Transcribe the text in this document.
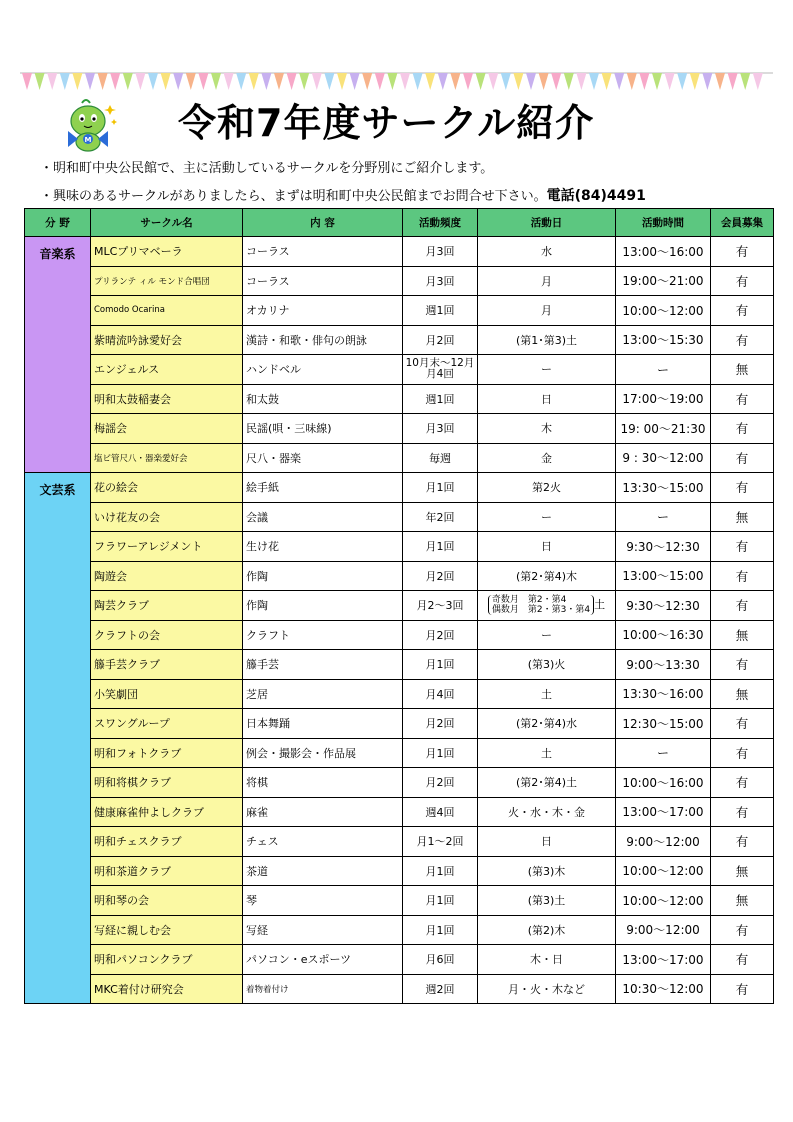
M 令和7年度サークル紹介
・明和町中央公民館で、主に活動しているサークルを分野別にご紹介します。
・興味のあるサークルがありましたら、まずは明和町中央公民館までお問合せ下さい。電話(84)4491
分 野	サークル名	内 容	活動頻度	活動日	活動時間	会員募集
音楽系	MLCプリマベーラ	コーラス	月3回	水	13:00～16:00	有
	プリランテ ィル モンド合唱団	コーラス	月3回	月	19:00～21:00	有
	Comodo Ocarina	オカリナ	週1回	月	10:00～12:00	有
	紫晴流吟詠愛好会	漢詩・和歌・俳句の朗詠	月2回	(第1･第3)土	13:00～15:30	有
	エンジェルス	ハンドベル	10月末～12月
月4回	ー	ー	無
	明和太鼓稲妻会	和太鼓	週1回	日	17:00～19:00	有
	梅謡会	民謡(唄・三味線)	月3回	木	19: 00～21:30	有
	塩ビ管尺八・器楽愛好会	尺八・器楽	毎週	金	9 : 30～12:00	有
文芸系	花の絵会	絵手紙	月1回	第2火	13:30～15:00	有
	いけ花友の会	会議	年2回	ー	ー	無
	フラワーアレジメント	生け花	月1回	日	9:30～12:30	有
	陶遊会	作陶	月2回	(第2･第4)木	13:00～15:00	有
	陶芸クラブ	作陶	月2～3回	奇数月　第2・第4
偶数月　第2・第3・第4 土	9:30～12:30	有
	クラフトの会	クラフト	月2回	ー	10:00～16:30	無
	籐手芸クラブ	籐手芸	月1回	(第3)火	9:00～13:30	有
	小笑劇団	芝居	月4回	土	13:30～16:00	無
	スワングループ	日本舞踊	月2回	(第2･第4)水	12:30～15:00	有
	明和フォトクラブ	例会・撮影会・作品展	月1回	土	ー	有
	明和将棋クラブ	将棋	月2回	(第2･第4)土	10:00～16:00	有
	健康麻雀仲よしクラブ	麻雀	週4回	火・水・木・金	13:00～17:00	有
	明和チェスクラブ	チェス	月1～2回	日	9:00～12:00	有
	明和茶道クラブ	茶道	月1回	(第3)木	10:00～12:00	無
	明和琴の会	琴	月1回	(第3)土	10:00～12:00	無
	写経に親しむ会	写経	月1回	(第2)木	9:00～12:00	有
	明和パソコンクラブ	パソコン・eスポーツ	月6回	木・日	13:00～17:00	有
	MKC着付け研究会	着物着付け	週2回	月・火・木など	10:30～12:00	有
